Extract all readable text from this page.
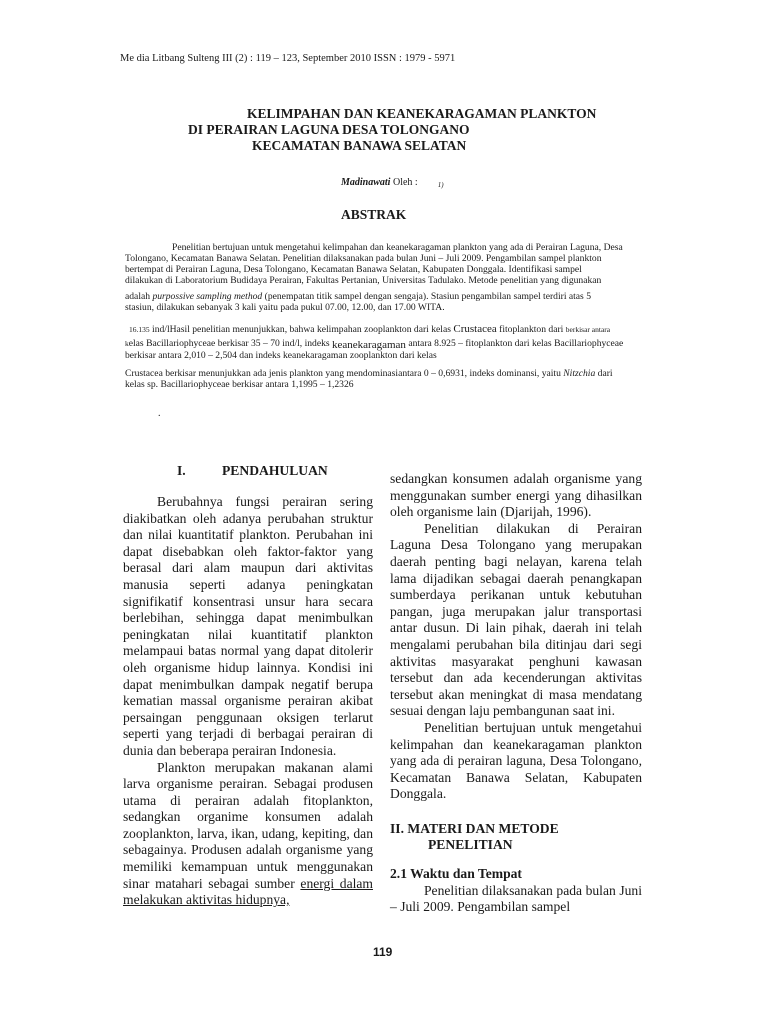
Me dia Litbang Sulteng III (2) : 119 – 123, September 2010 ISSN : 1979 - 5971
KELIMPAHAN DAN KEANEKARAGAMAN PLANKTON
DI PERAIRAN LAGUNA DESA TOLONGANO
KECAMATAN BANAWA SELATAN
Madinawati Oleh :	$_{1)}$
ABSTRAK
Penelitian bertujuan untuk mengetahui kelimpahan dan keanekaragaman plankton yang ada di Perairan Laguna, Desa
Tolongano, Kecamatan Banawa Selatan. Penelitian dilaksanakan pada bulan Juni – Juli 2009. Pengambilan sampel plankton
bertempat di Perairan Laguna, Desa Tolongano, Kecamatan Banawa Selatan, Kabupaten Donggala. Identifikasi sampel
dilakukan di Laboratorium Budidaya Perairan, Fakultas Pertanian, Universitas Tadulako. Metode penelitian yang digunakan
adalah purpossive sampling method (penempatan titik sampel dengan sengaja). Stasiun pengambilan sampel terdiri atas 5
stasiun, dilakukan sebanyak 3 kali yaitu pada pukul 07.00, 12.00, dan 17.00 WITA.
16.135 ind/lHasil penelitian menunjukkan, bahwa kelimpahan zooplankton dari kelas Crustacea fitoplankton dari berkisar antara
kelas Bacillariophyceae berkisar 35 – 70 ind/l, indeks keanekaragaman antara 8.925 – fitoplankton dari kelas Bacillariophyceae
berkisar antara 2,010 – 2,504 dan indeks keanekaragaman zooplankton dari kelas
Crustacea berkisar menunjukkan ada jenis plankton yang mendominasiantara 0 – 0,6931, indeks dominansi, yaitu Nitzchia dari
kelas sp. Bacillariophyceae berkisar antara 1,1995 – 1,2326
.
I.	PENDAHULUAN

Berubahnya fungsi perairan sering diakibatkan oleh adanya perubahan struktur dan nilai kuantitatif plankton. Perubahan ini dapat disebabkan oleh faktor-faktor yang berasal dari alam maupun dari aktivitas manusia seperti adanya peningkatan signifikatif konsentrasi unsur hara secara berlebihan, sehingga dapat menimbulkan peningkatan nilai kuantitatif plankton melampaui batas normal yang dapat ditolerir oleh organisme hidup lainnya. Kondisi ini dapat menimbulkan dampak negatif berupa kematian massal organisme perairan akibat persaingan penggunaan oksigen terlarut seperti yang terjadi di berbagai perairan di dunia dan beberapa perairan Indonesia.

Plankton merupakan makanan alami larva organisme perairan. Sebagai produsen utama di perairan adalah fitoplankton, sedangkan organime konsumen adalah zooplankton, larva, ikan, udang, kepiting, dan sebagainya. Produsen adalah organisme yang memiliki kemampuan untuk menggunakan sinar matahari sebagai sumber energi dalam melakukan aktivitas hidupnya,

sedangkan konsumen adalah organisme yang menggunakan sumber energi yang dihasilkan oleh organisme lain (Djarijah, 1996).

Penelitian dilakukan di Perairan Laguna Desa Tolongano yang merupakan daerah penting bagi nelayan, karena telah lama dijadikan sebagai daerah penangkapan sumberdaya perikanan untuk kebutuhan pangan, juga merupakan jalur transportasi antar dusun. Di lain pihak, daerah ini telah mengalami perubahan bila ditinjau dari segi aktivitas masyarakat penghuni kawasan tersebut dan ada kecenderungan aktivitas tersebut akan meningkat di masa mendatang sesuai dengan laju pembangunan saat ini.

Penelitian bertujuan untuk mengetahui kelimpahan dan keanekaragaman plankton yang ada di perairan laguna, Desa Tolongano, Kecamatan Banawa Selatan, Kabupaten Donggala.

II. MATERI DAN METODE
PENELITIAN

2.1 Waktu dan Tempat

Penelitian dilaksanakan pada bulan Juni – Juli 2009. Pengambilan sampel

119
